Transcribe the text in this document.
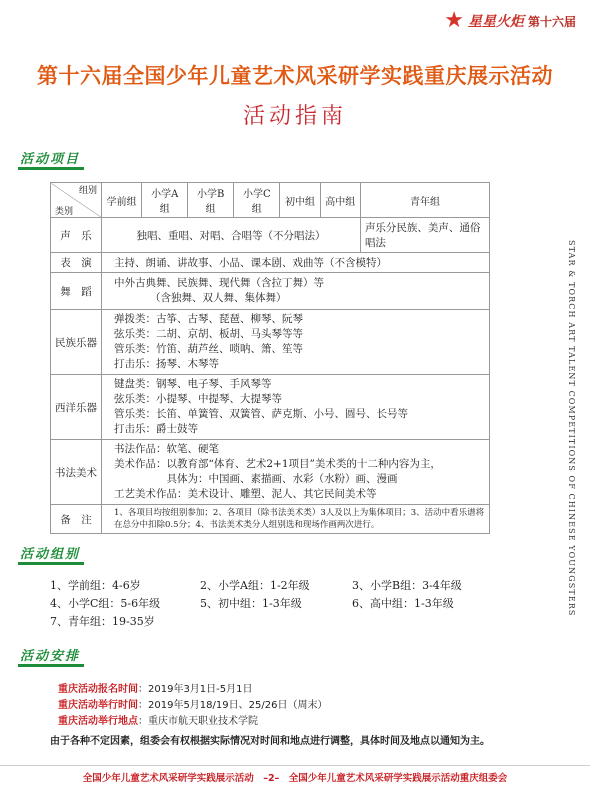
★ 星星火炬 第十六届
第十六届全国少年儿童艺术风采研学实践重庆展示活动
活动指南
活动项目
组别
类别	学前组	小学A组	小学B组	小学C组	初中组	高中组	青年组
声　乐	独唱、重唱、对唱、合唱等（不分唱法）						声乐分民族、美声、通俗唱法
表　演	主持、朗诵、讲故事、小品、课本剧、戏曲等（不含模特）						
舞　蹈	中外古典舞、民族舞、现代舞（含拉丁舞）等
（含独舞、双人舞、集体舞）						

民族乐器	弹拨类：古筝、古琴、琵琶、柳琴、阮琴
弦乐类：二胡、京胡、板胡、马头琴等等
管乐类：竹笛、葫芦丝、唢呐、箫、笙等
打击乐：扬琴、木琴等						

西洋乐器	键盘类：钢琴、电子琴、手风琴等
弦乐类：小提琴、中提琴、大提琴等
管乐类：长笛、单簧管、双簧管、萨克斯、小号、圆号、长号等
打击乐：爵士鼓等						

书法美术	书法作品：软笔、硬笔
美术作品：以教育部“体育、艺术2+1项目”美术类的十二种内容为主，
　　　　　具体为：中国画、素描画、水彩（水粉）画、漫画
工艺美术作品：美术设计、雕塑、泥人、其它民间美术等						

备　注	1、各项目均按组别参加；2、各项目（除书法美术类）3人及以上为集体项目；3、活动中看乐谱将在总分中扣除0.5分；4、书法美术类分人组别选和现场作画两次进行。							STAR & TORCH ART TALENT COMPETITIONS OF CHINESE YOUNGSTERS
活动组别
1、学前组：4-6岁	2、小学A组：1-2年级	3、小学B组：3-4年级
4、小学C组：5-6年级	5、初中组：1-3年级	6、高中组：1-3年级
7、青年组：19-35岁
活动安排
重庆活动报名时间：2019年3月1日-5月1日
重庆活动举行时间：2019年5月18/19日、25/26日（周末）
重庆活动举行地点：重庆市航天职业技术学院
由于各种不定因素，组委会有权根据实际情况对时间和地点进行调整，具体时间及地点以通知为主。
全国少年儿童艺术风采研学实践展示活动　–2–　全国少年儿童艺术风采研学实践展示活动重庆组委会
